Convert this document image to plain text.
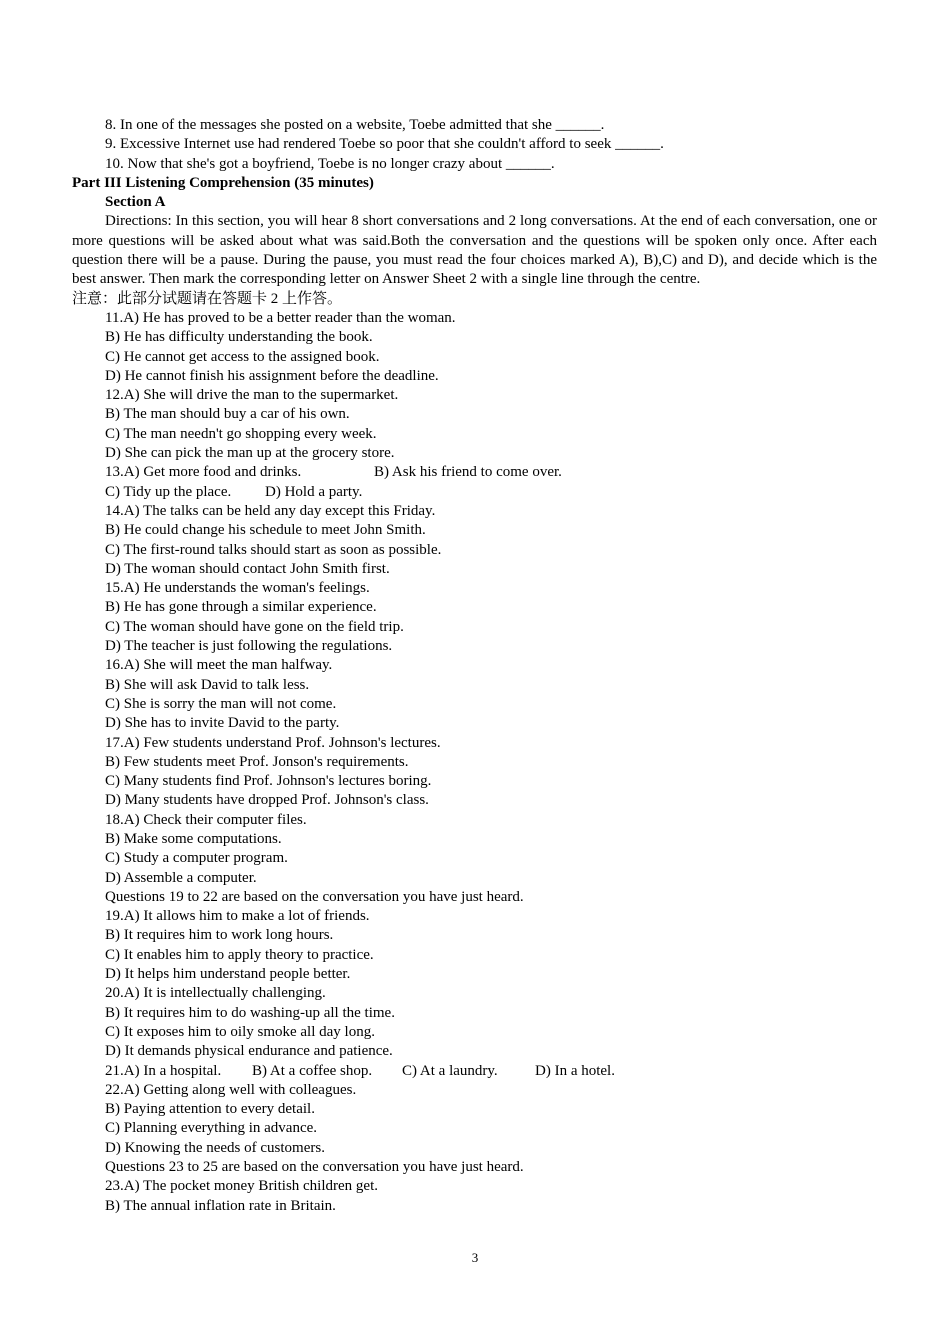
8. In one of the messages she posted on a website, Toebe admitted that she ______.
9. Excessive Internet use had rendered Toebe so poor that she couldn't afford to seek ______.
10. Now that she's got a boyfriend, Toebe is no longer crazy about ______.
Part III Listening Comprehension (35 minutes)
Section A
Directions: In this section, you will hear 8 short conversations and 2 long conversations. At the end of each conversation, one or more questions will be asked about what was said.Both the conversation and the questions will be spoken only once. After each question there will be a pause. During the pause, you must read the four choices marked A), B),C) and D), and decide which is the best answer. Then mark the corresponding letter on Answer Sheet 2 with a single line through the centre.
注意：此部分试题请在答题卡 2 上作答。
11.A) He has proved to be a better reader than the woman.
B) He has difficulty understanding the book.
C) He cannot get access to the assigned book.
D) He cannot finish his assignment before the deadline.
12.A) She will drive the man to the supermarket.
B) The man should buy a car of his own.
C) The man needn't go shopping every week.
D) She can pick the man up at the grocery store.
13.A) Get more food and drinks.	B) Ask his friend to come over.
C) Tidy up the place. D) Hold a party.
14.A) The talks can be held any day except this Friday.
B) He could change his schedule to meet John Smith.
C) The first-round talks should start as soon as possible.
D) The woman should contact John Smith first.
15.A) He understands the woman's feelings.
B) He has gone through a similar experience.
C) The woman should have gone on the field trip.
D) The teacher is just following the regulations.
16.A) She will meet the man halfway.
B) She will ask David to talk less.
C) She is sorry the man will not come.
D) She has to invite David to the party.
17.A) Few students understand Prof. Johnson's lectures.
B) Few students meet Prof. Jonson's requirements.
C) Many students find Prof. Johnson's lectures boring.
D) Many students have dropped Prof. Johnson's class.
18.A) Check their computer files.
B) Make some computations.
C) Study a computer program.
D) Assemble a computer.
Questions 19 to 22 are based on the conversation you have just heard.
19.A) It allows him to make a lot of friends.
B) It requires him to work long hours.
C) It enables him to apply theory to practice.
D) It helps him understand people better.
20.A) It is intellectually challenging.
B) It requires him to do washing-up all the time.
C) It exposes him to oily smoke all day long.
D) It demands physical endurance and patience.
21.A) In a hospital. B) At a coffee shop. C) At a laundry. D) In a hotel.
22.A) Getting along well with colleagues.
B) Paying attention to every detail.
C) Planning everything in advance.
D) Knowing the needs of customers.
Questions 23 to 25 are based on the conversation you have just heard.
23.A) The pocket money British children get.
B) The annual inflation rate in Britain.
3
